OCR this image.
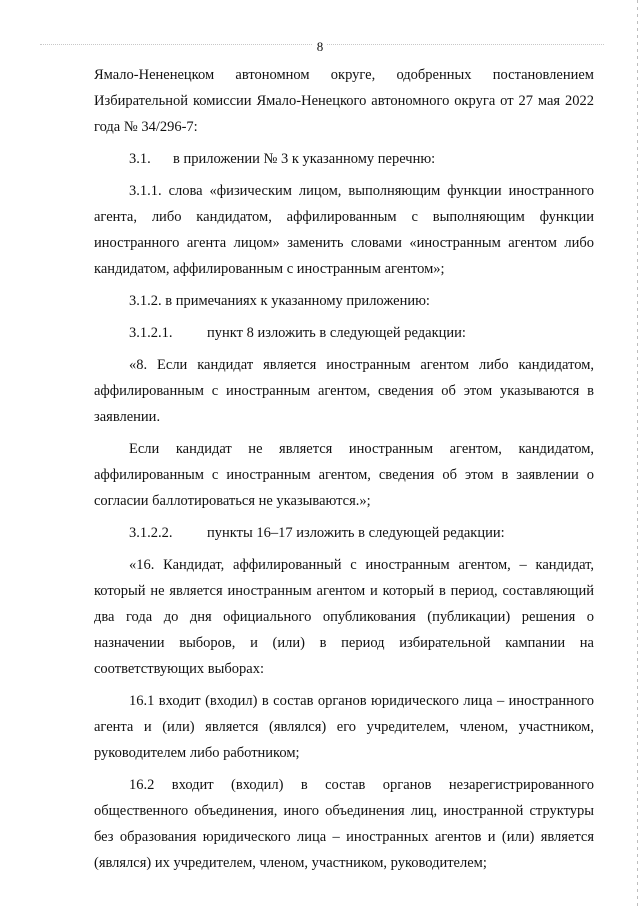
8

Ямало-Нененецком автономном округе, одобренных постановлением Избирательной комиссии Ямало-Ненецкого автономного округа от 27 мая 2022 года № 34/296-7:

3.1. в приложении № 3 к указанному перечню:

3.1.1. слова «физическим лицом, выполняющим функции иностранного агента, либо кандидатом, аффилированным с выполняющим функции иностранного агента лицом» заменить словами «иностранным агентом либо кандидатом, аффилированным с иностранным агентом»;

3.1.2. в примечаниях к указанному приложению:

3.1.2.1. пункт 8 изложить в следующей редакции:

«8. Если кандидат является иностранным агентом либо кандидатом, аффилированным с иностранным агентом, сведения об этом указываются в заявлении.

Если кандидат не является иностранным агентом, кандидатом, аффилированным с иностранным агентом, сведения об этом в заявлении о согласии баллотироваться не указываются.»;

3.1.2.2. пункты 16–17 изложить в следующей редакции:

«16. Кандидат, аффилированный с иностранным агентом, – кандидат, который не является иностранным агентом и который в период, составляющий два года до дня официального опубликования (публикации) решения о назначении выборов, и (или) в период избирательной кампании на соответствующих выборах:

16.1 входит (входил) в состав органов юридического лица – иностранного агента и (или) является (являлся) его учредителем, членом, участником, руководителем либо работником;

16.2 входит (входил) в состав органов незарегистрированного общественного объединения, иного объединения лиц, иностранной структуры без образования юридического лица – иностранных агентов и (или) является (являлся) их учредителем, членом, участником, руководителем;
